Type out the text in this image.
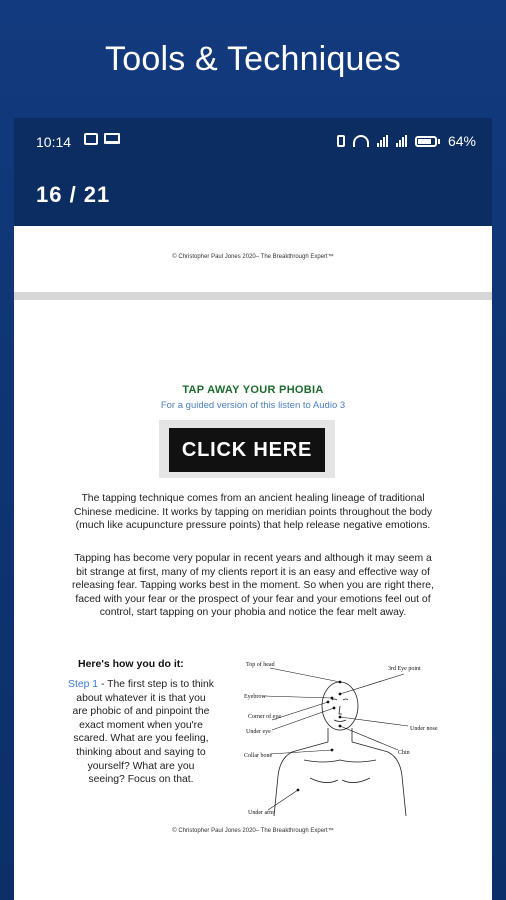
Tools & Techniques
10:14	64%
16 / 21
© Christopher Paul Jones 2020– The Breakthrough Expert™
TAP AWAY YOUR PHOBIA
For a guided version of this listen to Audio 3
CLICK HERE
The tapping technique comes from an ancient healing lineage of traditional Chinese medicine. It works by tapping on meridian points throughout the body (much like acupuncture pressure points) that help release negative emotions.
Tapping has become very popular in recent years and although it may seem a bit strange at first, many of my clients report it is an easy and effective way of releasing fear. Tapping works best in the moment. So when you are right there, faced with your fear or the prospect of your fear and your emotions feel out of control, start tapping on your phobia and notice the fear melt away.
Here's how you do it:
Step 1 - The first step is to think about whatever it is that you are phobic of and pinpoint the exact moment when you're scared. What are you feeling, thinking about and saying to yourself? What are you seeing? Focus on that.
Top of head
3rd Eye point
Eyebrow
Corner of eye
Under eye	Under nose
Chin
Collar bone
Under arm
© Christopher Paul Jones 2020– The Breakthrough Expert™
